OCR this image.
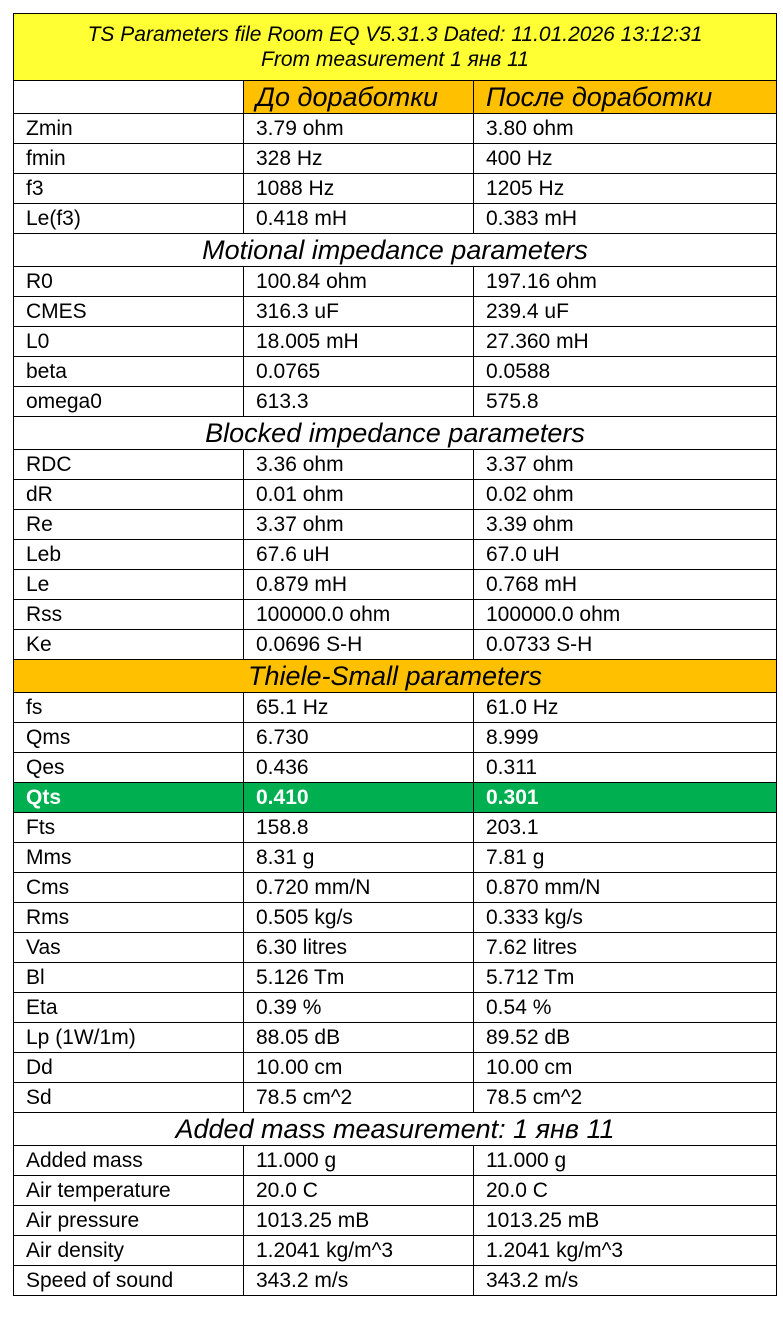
TS Parameters file Room EQ V5.31.3 Dated: 11.01.2026 13:12:31
From measurement 1 янв 11		

	До доработки	После доработки
Zmin	3.79 ohm	3.80 ohm
fmin	328 Hz	400 Hz
f3	1088 Hz	1205 Hz
Le(f3)	0.418 mH	0.383 mH
Motional impedance parameters		
R0	100.84 ohm	197.16 ohm
CMES	316.3 uF	239.4 uF
L0	18.005 mH	27.360 mH
beta	0.0765	0.0588
omega0	613.3	575.8
Blocked impedance parameters		
RDC	3.36 ohm	3.37 ohm
dR	0.01 ohm	0.02 ohm
Re	3.37 ohm	3.39 ohm
Leb	67.6 uH	67.0 uH
Le	0.879 mH	0.768 mH
Rss	100000.0 ohm	100000.0 ohm
Ke	0.0696 S-H	0.0733 S-H
Thiele-Small parameters		
fs	65.1 Hz	61.0 Hz
Qms	6.730	8.999
Qes	0.436	0.311
Qts	0.410	0.301
Fts	158.8	203.1
Mms	8.31 g	7.81 g
Cms	0.720 mm/N	0.870 mm/N
Rms	0.505 kg/s	0.333 kg/s
Vas	6.30 litres	7.62 litres
Bl	5.126 Tm	5.712 Tm
Eta	0.39 %	0.54 %
Lp (1W/1m)	88.05 dB	89.52 dB
Dd	10.00 cm	10.00 cm
Sd	78.5 cm^2	78.5 cm^2
Added mass measurement: 1 янв 11		
Added mass	11.000 g	11.000 g
Air temperature	20.0 C	20.0 C
Air pressure	1013.25 mB	1013.25 mB
Air density	1.2041 kg/m^3	1.2041 kg/m^3
Speed of sound	343.2 m/s	343.2 m/s
